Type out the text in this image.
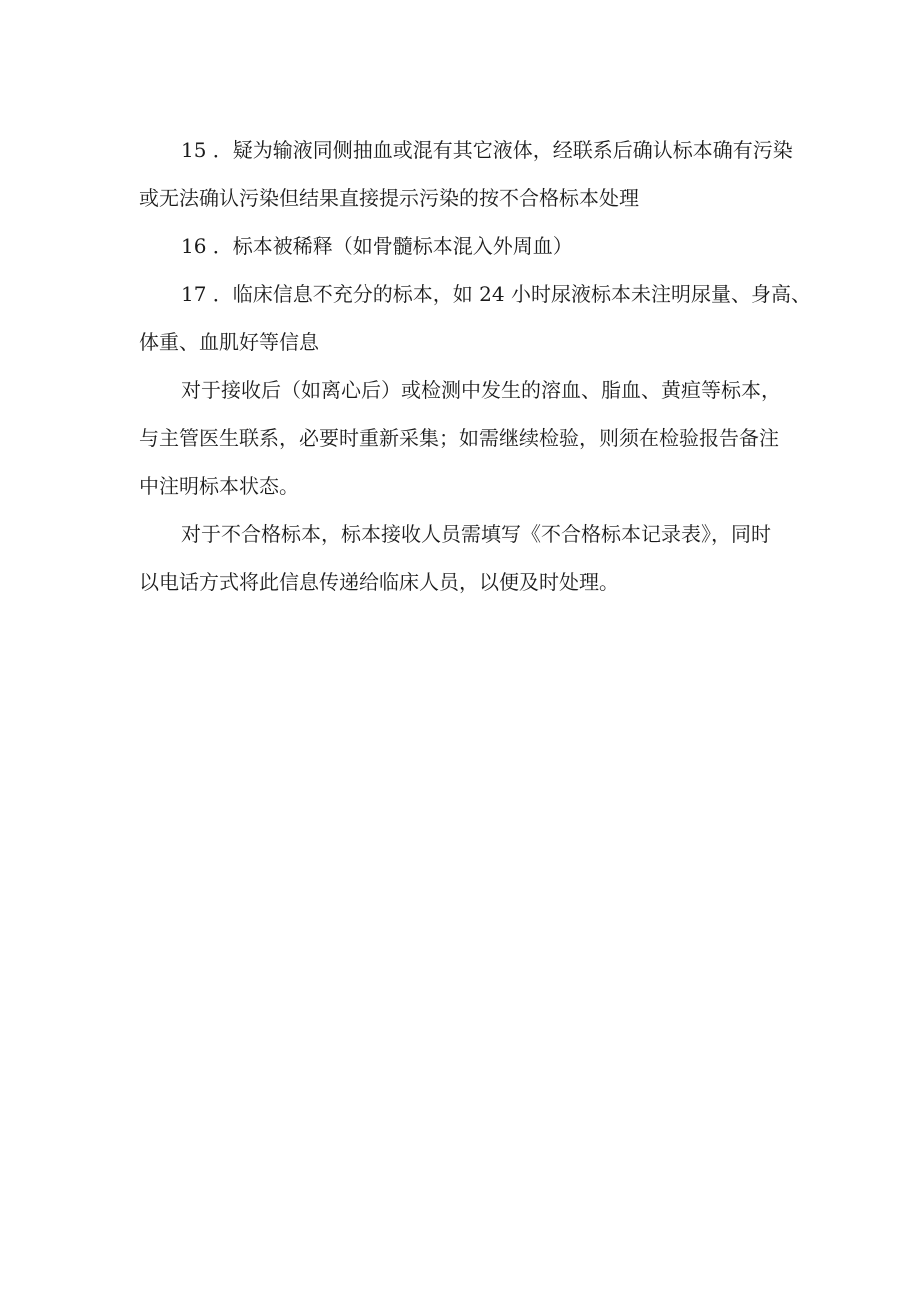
15 ．疑为输液同侧抽血或混有其它液体，经联系后确认标本确有污染
或无法确认污染但结果直接提示污染的按不合格标本处理
16 ．标本被稀释（如骨髓标本混入外周血）
17 ．临床信息不充分的标本，如 24 小时尿液标本未注明尿量、身高、
体重、血肌好等信息
对于接收后（如离心后）或检测中发生的溶血、脂血、黄疸等标本，
与主管医生联系，必要时重新采集；如需继续检验，则须在检验报告备注
中注明标本状态。
对于不合格标本，标本接收人员需填写《不合格标本记录表》，同时
以电话方式将此信息传递给临床人员，以便及时处理。
